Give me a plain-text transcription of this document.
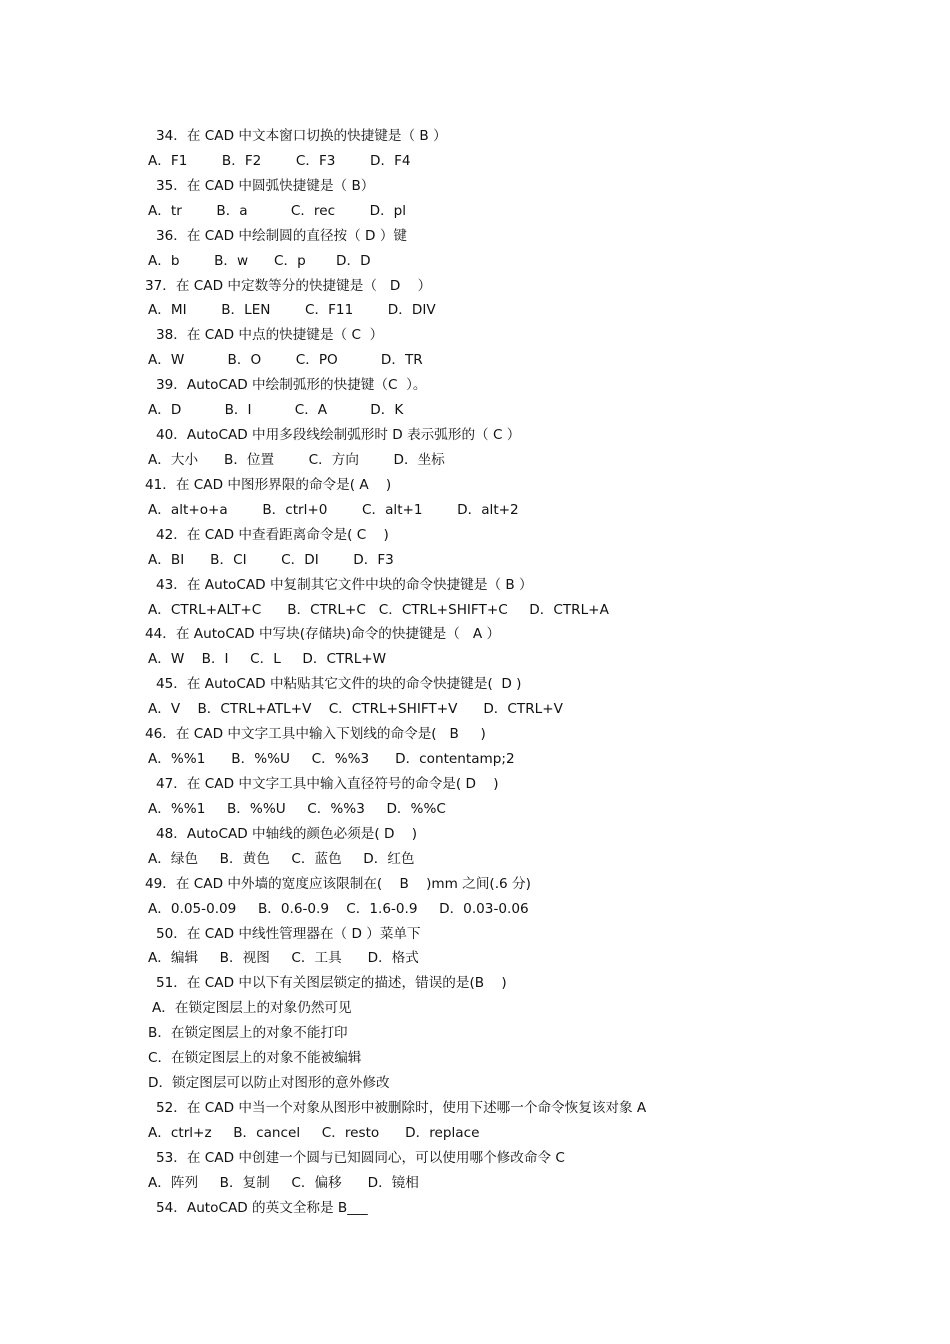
34．在 CAD 中文本窗口切换的快捷键是（ B ）
A．F1        B．F2        C．F3        D．F4
35．在 CAD 中圆弧快捷键是（ B）
A．tr        B．a          C．rec        D．pl
36．在 CAD 中绘制圆的直径按（ D ）键
A．b        B．w      C．p       D．D
37．在 CAD 中定数等分的快捷键是（   D    ）
A．MI        B．LEN        C．F11        D．DIV
38．在 CAD 中点的快捷键是（ C  ）
A．W          B．O        C．PO          D．TR
39．AutoCAD 中绘制弧形的快捷键（C  ）。
A．D          B．I          C．A          D．K
40．AutoCAD 中用多段线绘制弧形时 D 表示弧形的（ C ）
A．大小      B．位置        C．方向        D．坐标
41．在 CAD 中图形界限的命令是( A    )
A．alt+o+a        B．ctrl+0        C．alt+1        D．alt+2
42．在 CAD 中查看距离命令是( C    )
A．BI      B．CI        C．DI        D．F3
43．在 AutoCAD 中复制其它文件中块的命令快捷键是（ B ）
A．CTRL+ALT+C      B．CTRL+C   C．CTRL+SHIFT+C     D．CTRL+A
44．在 AutoCAD 中写块(存储块)命令的快捷键是（   A ）
A．W    B．I     C．L     D．CTRL+W
45．在 AutoCAD 中粘贴其它文件的块的命令快捷键是(  D )
A．V    B．CTRL+ATL+V    C．CTRL+SHIFT+V      D．CTRL+V
46．在 CAD 中文字工具中输入下划线的命令是(   B     )
A．%%1      B．%%U     C．%%3      D．contentamp;2
47．在 CAD 中文字工具中输入直径符号的命令是( D    )
A．%%1     B．%%U     C．%%3     D．%%C
48．AutoCAD 中轴线的颜色必须是( D    )
A．绿色     B．黄色     C．蓝色     D．红色
49．在 CAD 中外墙的宽度应该限制在(    B    )mm 之间(.6 分)
A．0.05-0.09     B．0.6-0.9    C．1.6-0.9     D．0.03-0.06
50．在 CAD 中线性管理器在（ D ）菜单下
A．编辑     B．视图     C．工具      D．格式
51．在 CAD 中以下有关图层锁定的描述，错误的是(B    )
A．在锁定图层上的对象仍然可见
B．在锁定图层上的对象不能打印
C．在锁定图层上的对象不能被编辑
D．锁定图层可以防止对图形的意外修改
52．在 CAD 中当一个对象从图形中被删除时，使用下述哪一个命令恢复该对象 A
A．ctrl+z     B．cancel     C．resto      D．replace
53．在 CAD 中创建一个圆与已知圆同心，可以使用哪个修改命令 C
A．阵列     B．复制     C．偏移      D．镜相
54．AutoCAD 的英文全称是 B___
